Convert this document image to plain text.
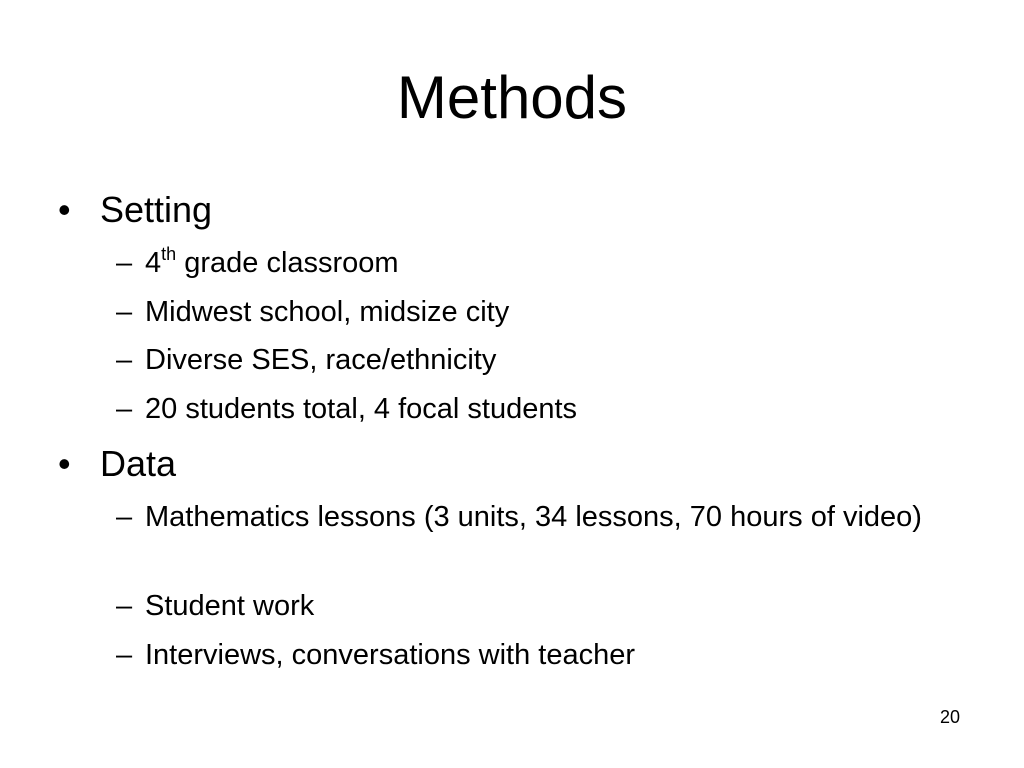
Methods
• Setting
– 4th grade classroom
– Midwest school, midsize city
– Diverse SES, race/ethnicity
– 20 students total, 4 focal students
• Data
– Mathematics lessons (3 units, 34 lessons, 70 hours of video)
– Student work
– Interviews, conversations with teacher
20
